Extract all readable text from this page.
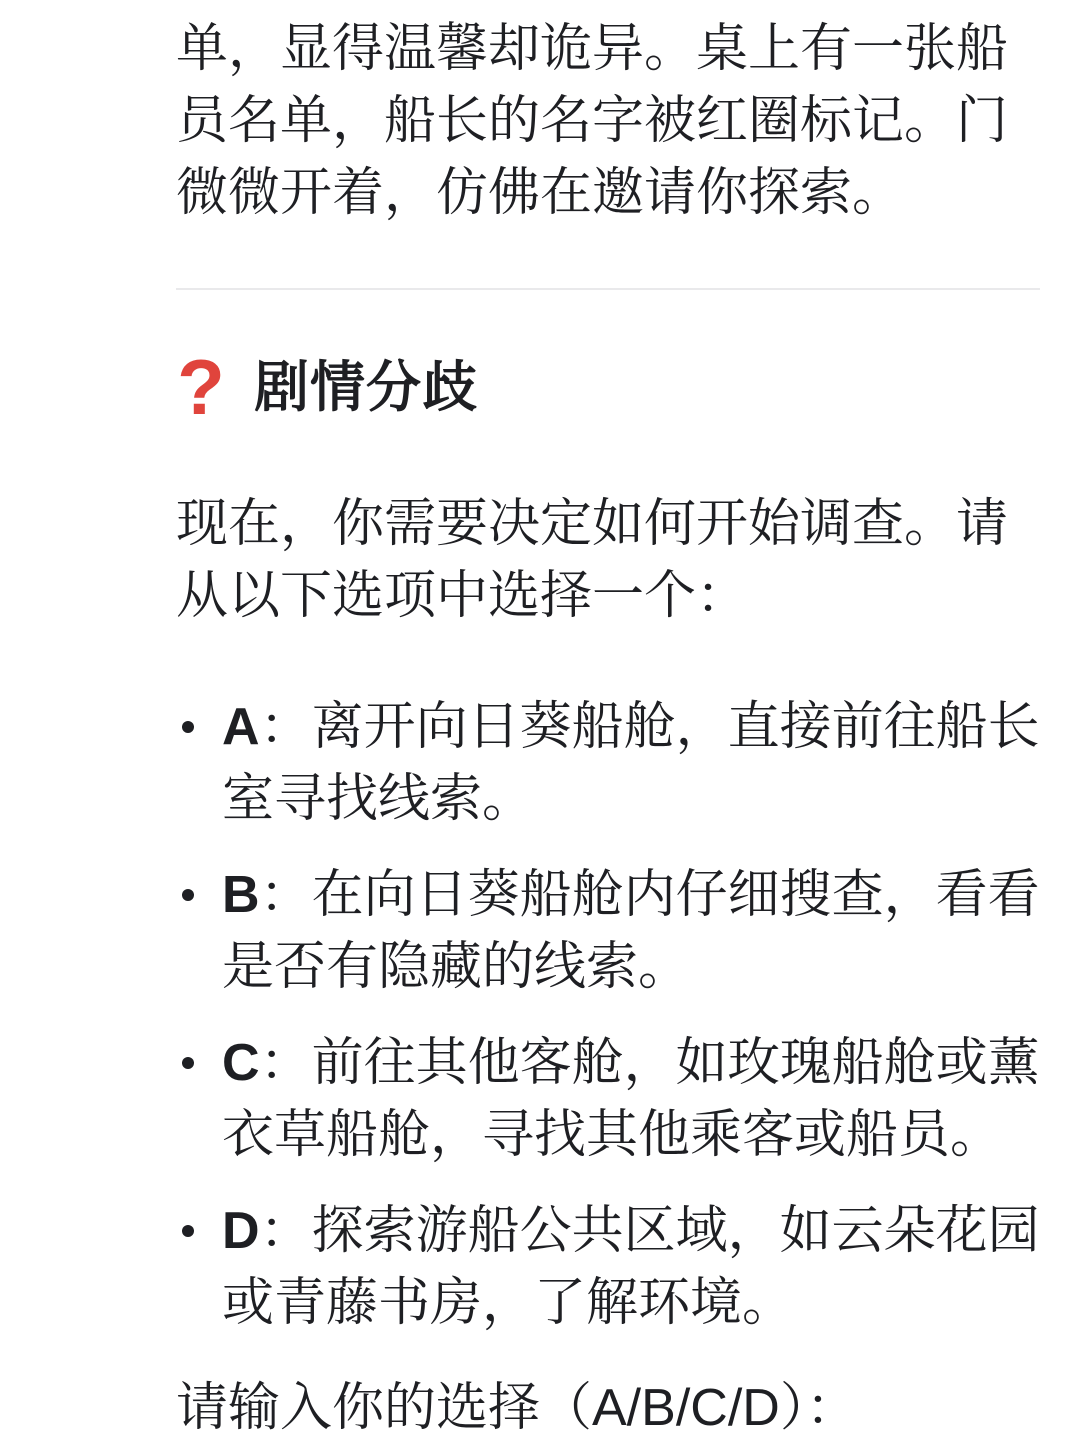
单，显得温馨却诡异。桌上有一张船员名单，船长的名字被红圈标记。门微微开着，仿佛在邀请你探索。

? 剧情分歧

现在，你需要决定如何开始调查。请从以下选项中选择一个：

A：离开向日葵船舱，直接前往船长室寻找线索。
B：在向日葵船舱内仔细搜查，看看是否有隐藏的线索。
C：前往其他客舱，如玫瑰船舱或薰衣草船舱，寻找其他乘客或船员。
D：探索游船公共区域，如云朵花园或青藤书房，了解环境。

请输入你的选择（A/B/C/D）：
